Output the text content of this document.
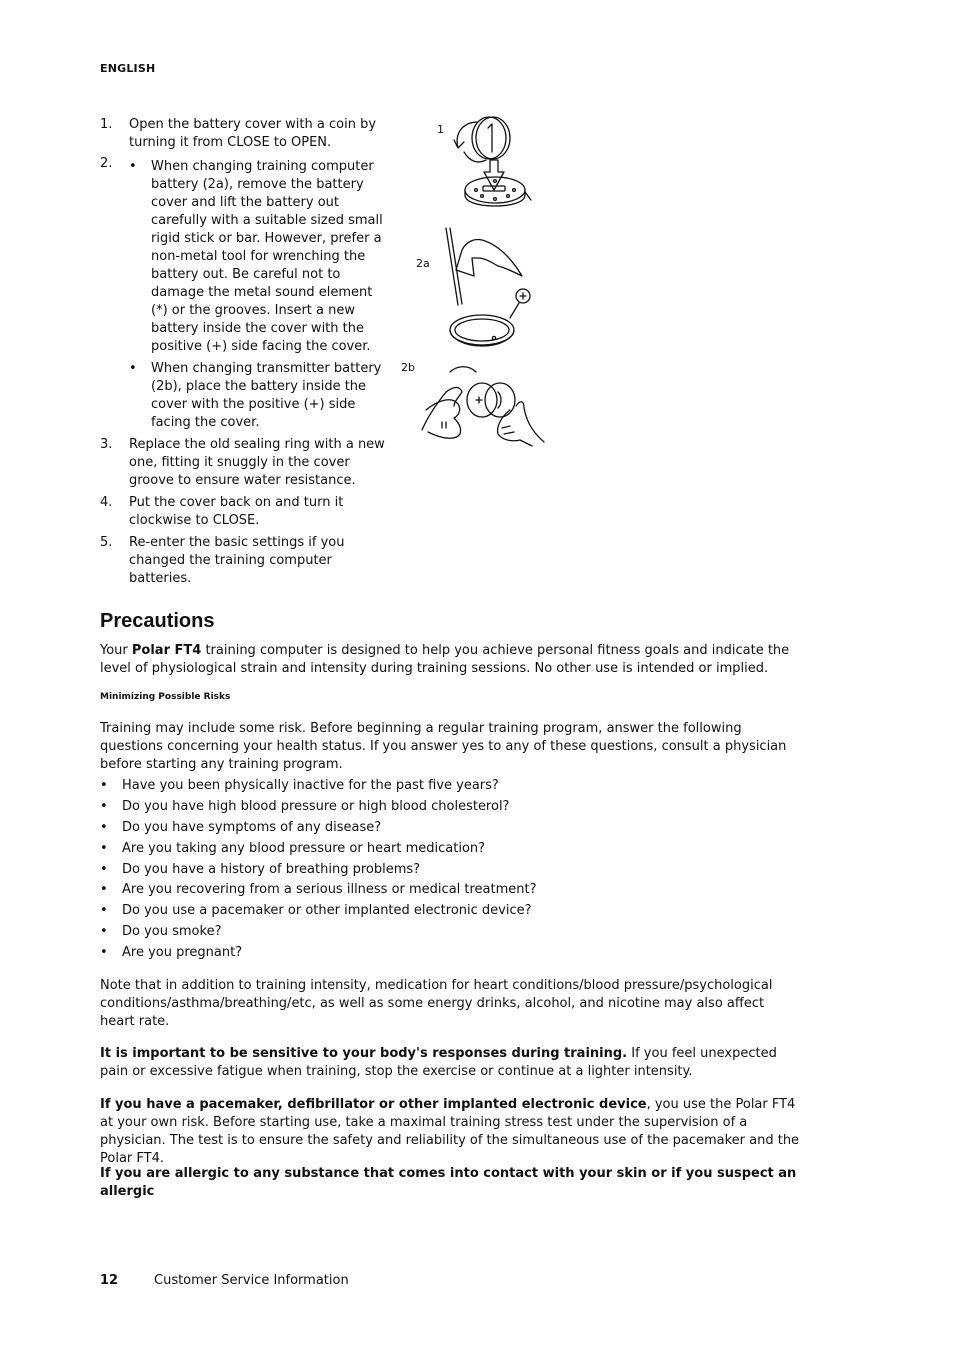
ENGLISH
1. Open the battery cover with a coin by turning it from CLOSE to OPEN.
2. • When changing training computer battery (2a), remove the battery cover and lift the battery out carefully with a suitable sized small rigid stick or bar. However, prefer a non-metal tool for wrenching the battery out. Be careful not to damage the metal sound element (*) or the grooves. Insert a new battery inside the cover with the positive (+) side facing the cover.
• When changing transmitter battery (2b), place the battery inside the cover with the positive (+) side facing the cover.
3. Replace the old sealing ring with a new one, fitting it snuggly in the cover groove to ensure water resistance.
4. Put the cover back on and turn it clockwise to CLOSE.
5. Re-enter the basic settings if you changed the training computer batteries.
1
2a
2b
Precautions
Your Polar FT4 training computer is designed to help you achieve personal fitness goals and indicate the level of physiological strain and intensity during training sessions. No other use is intended or implied.
Minimizing Possible Risks
Training may include some risk. Before beginning a regular training program, answer the following questions concerning your health status. If you answer yes to any of these questions, consult a physician before starting any training program.
• Have you been physically inactive for the past five years?
• Do you have high blood pressure or high blood cholesterol?
• Do you have symptoms of any disease?
• Are you taking any blood pressure or heart medication?
• Do you have a history of breathing problems?
• Are you recovering from a serious illness or medical treatment?
• Do you use a pacemaker or other implanted electronic device?
• Do you smoke?
• Are you pregnant?
Note that in addition to training intensity, medication for heart conditions/blood pressure/psychological conditions/asthma/breathing/etc, as well as some energy drinks, alcohol, and nicotine may also affect heart rate.
It is important to be sensitive to your body's responses during training. If you feel unexpected pain or excessive fatigue when training, stop the exercise or continue at a lighter intensity.
If you have a pacemaker, defibrillator or other implanted electronic device, you use the Polar FT4 at your own risk. Before starting use, take a maximal training stress test under the supervision of a physician. The test is to ensure the safety and reliability of the simultaneous use of the pacemaker and the Polar FT4.
If you are allergic to any substance that comes into contact with your skin or if you suspect an allergic
12	Customer Service Information
